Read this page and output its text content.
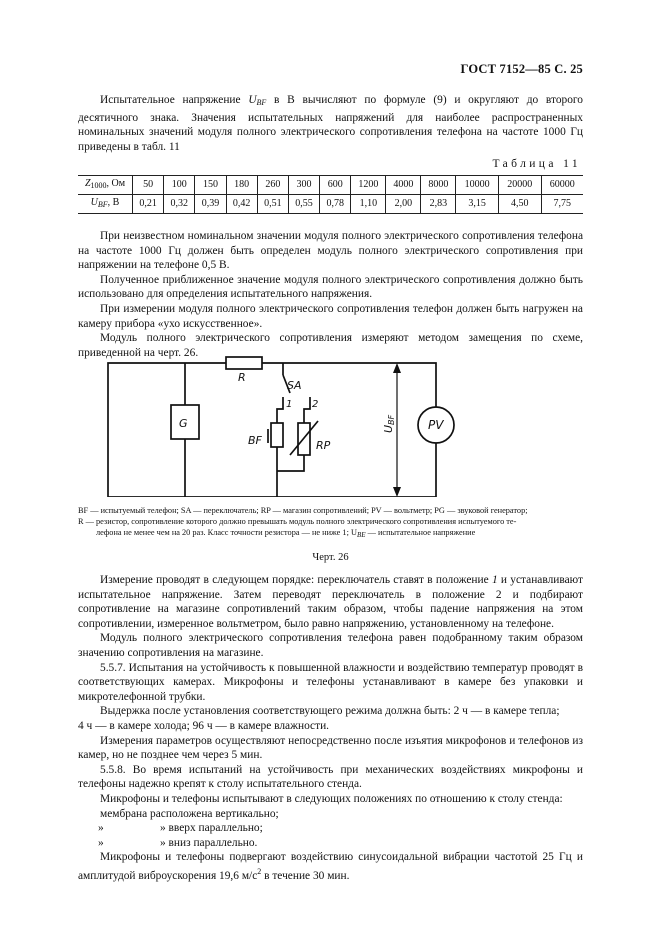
ГОСТ 7152—85 С. 25

Испытательное напряжение UBF в В вычисляют по формуле (9) и округляют до второго десятичного знака. Значения испытательных напряжений для наиболее распространенных номинальных значений модуля полного электрического сопротивления телефона на частоте 1000 Гц приведены в табл. 11

Таблица 11
$Z_{1000}$, Ом	50	100	150	180	260	300	600	1200	4000	8000	10000	20000	60000
$U_{BF}$, В	0,21	0,32	0,39	0,42	0,51	0,55	0,78	1,10	2,00	2,83	3,15	4,50	7,75

При неизвестном номинальном значении модуля полного электрического сопротивления телефона на частоте 1000 Гц должен быть определен модуль полного электрического сопротивления при напряжении на телефоне 0,5 В.

Полученное приближенное значение модуля полного электрического сопротивления должно быть использовано для определения испытательного напряжения.

При измерении модуля полного электрического сопротивления телефон должен быть нагружен на камеру прибора «ухо искусственное».

Модуль полного электрического сопротивления измеряют методом замещения по схеме, приведенной на черт. 26.

R
SA
1 2
G
BF	RP
PV
UBF
BF — испытуемый телефон; SA — переключатель; RP — магазин сопротивлений; PV — вольтметр; PG — звуковой генератор;
R — резистор, сопротивление которого должно превышать модуль полного электрического сопротивления испытуемого те-
лефона не менее чем на 20 раз. Класс точности резистора — не ниже 1; $U_{BE}$ — испытательное напряжение
Черт. 26

Измерение проводят в следующем порядке: переключатель ставят в положение 1 и устанавливают испытательное напряжение. Затем переводят переключатель в положение 2 и подбирают сопротивление на магазине сопротивлений таким образом, чтобы падение напряжения на этом сопротивлении, измеренное вольтметром, было равно напряжению, установленному на телефоне.

Модуль полного электрического сопротивления телефона равен подобранному таким образом значению сопротивления на магазине.

5.5.7. Испытания на устойчивость к повышенной влажности и воздействию температур проводят в соответствующих камерах. Микрофоны и телефоны устанавливают в камере без упаковки и микротелефонной трубки.

Выдержка после установления соответствующего режима должна быть: 2 ч — в камере тепла;

4 ч — в камере холода; 96 ч — в камере влажности.

Измерения параметров осуществляют непосредственно после изъятия микрофонов и телефонов из камер, но не позднее чем через 5 мин.

5.5.8. Во время испытаний на устойчивость при механических воздействиях микрофоны и телефоны надежно крепят к столу испытательного стенда.

Микрофоны и телефоны испытывают в следующих положениях по отношению к столу стенда:

мембрана расположена вертикально;

»	» вверх параллельно;
»	» вниз параллельно.

Микрофоны и телефоны подвергают воздействию синусоидальной вибрации частотой 25 Гц и амплитудой виброускорения 19,6 $м/с^2$ в течение 30 мин.
